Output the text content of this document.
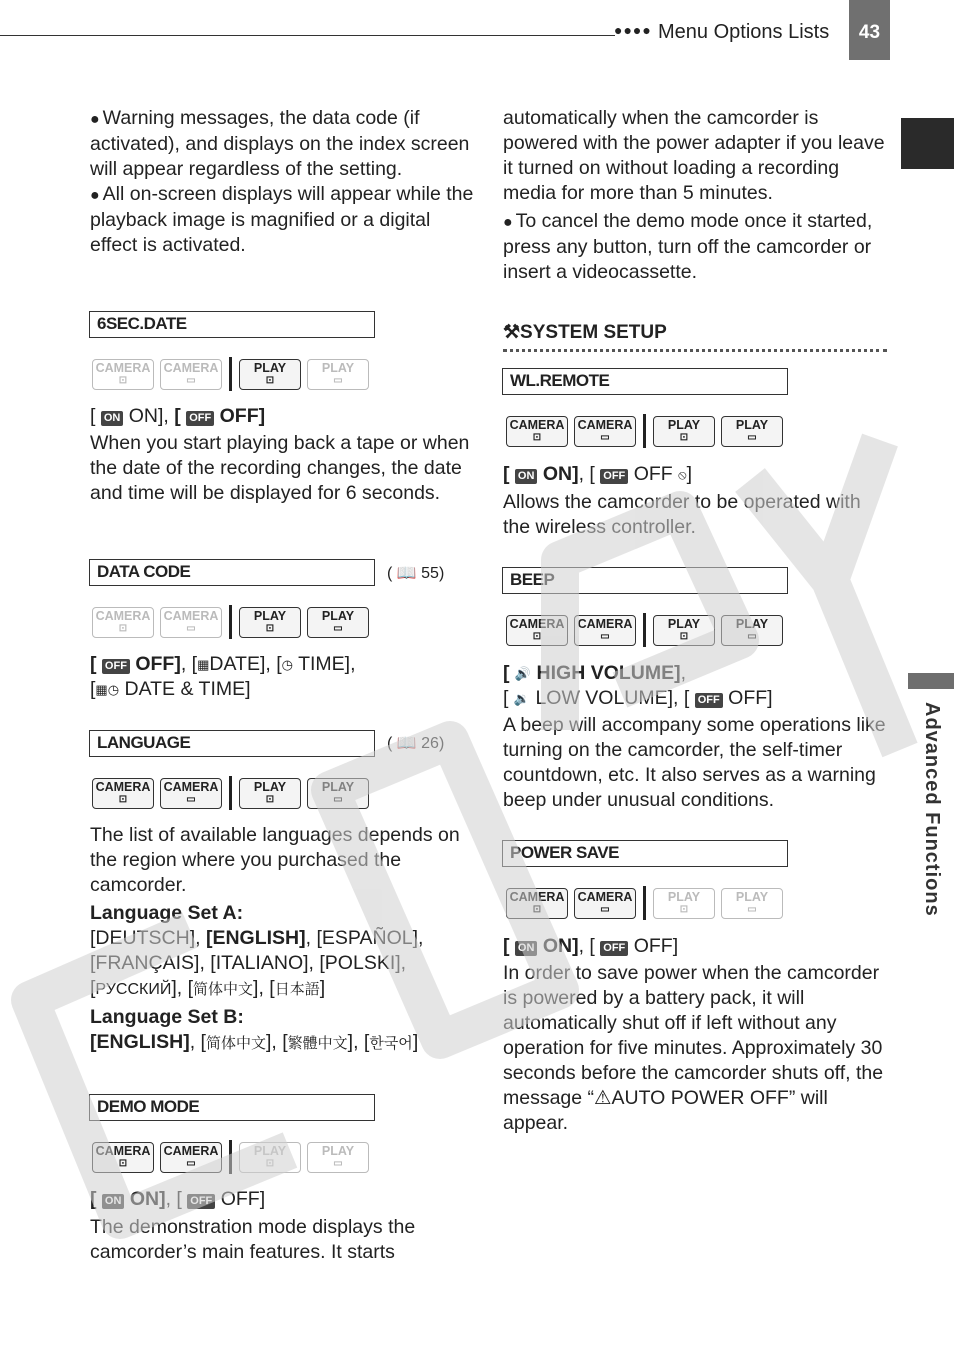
●●●● Menu Options Lists	43
Advanced Functions

● Warning messages, the data code (if activated), and displays on the index screen will appear regardless of the setting.

● All on-screen displays will appear while the playback image is magnified or a digital effect is activated.

6SEC.DATE
CAMERA
⊡
CAMERA
▭
PLAY
⊡
PLAY
▭
[ ON ON], [ OFF OFF]
When you start playing back a tape or when the date of the recording changes, the date and time will be displayed for 6 seconds.
DATA CODE	( 📖 55)
CAMERA
⊡
CAMERA
▭
PLAY
⊡
PLAY
▭
[ OFF OFF], [▦DATE], [◷ TIME],
[▦◷ DATE & TIME]
LANGUAGE	( 📖 26)
CAMERA
⊡
CAMERA
▭
PLAY
⊡
PLAY
▭

The list of available languages depends on the region where you purchased the camcorder.

Language Set A:

[DEUTSCH], [ENGLISH], [ESPAÑOL], [FRANÇAIS], [ITALIANO], [POLSKI], [РУССКИЙ], [简体中文], [日本語]

Language Set B:

[ENGLISH], [简体中文], [繁體中文], [한국어]

DEMO MODE
CAMERA
⊡
CAMERA
▭
PLAY
⊡
PLAY
▭
[ ON ON], [ OFF OFF]
The demonstration mode displays the camcorder’s main features. It starts

automatically when the camcorder is powered with the power adapter if you leave it turned on without loading a recording media for more than 5 minutes.

● To cancel the demo mode once it started, press any button, turn off the camcorder or insert a videocassette.

⚒SYSTEM SETUP
WL.REMOTE
CAMERA
⊡
CAMERA
▭
PLAY
⊡
PLAY
▭
[ ON ON], [ OFF OFF ⦸]
Allows the camcorder to be operated with the wireless controller.
BEEP
CAMERA
⊡
CAMERA
▭
PLAY
⊡
PLAY
▭
[ 🔊 HIGH VOLUME],
[ 🔉 LOW VOLUME], [ OFF OFF]
A beep will accompany some operations like turning on the camcorder, the self-timer countdown, etc. It also serves as a warning beep under unusual conditions.
POWER SAVE
CAMERA
⊡
CAMERA
▭
PLAY
⊡
PLAY
▭
[ ON ON], [ OFF OFF]
In order to save power when the camcorder is powered by a battery pack, it will automatically shut off if left without any operation for five minutes. Approximately 30 seconds before the camcorder shuts off, the message “⚠AUTO POWER OFF” will appear.
